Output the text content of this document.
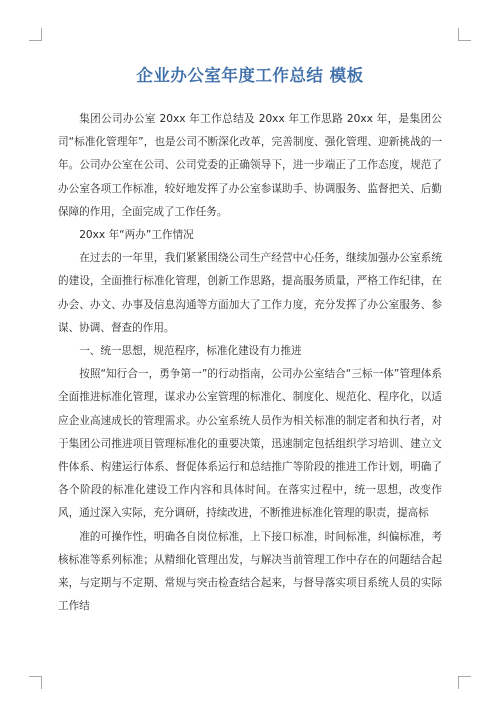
企业办公室年度工作总结 模板

集团公司办公室 20xx 年工作总结及 20xx 年工作思路 20xx 年，是集团公司“标准化管理年”，也是公司不断深化改革，完善制度、强化管理、迎新挑战的一年。公司办公室在公司、公司党委的正确领导下，进一步端正了工作态度，规范了办公室各项工作标准，较好地发挥了办公室参谋助手、协调服务、监督把关、后勤保障的作用，全面完成了工作任务。

20xx 年“两办”工作情况

在过去的一年里，我们紧紧围绕公司生产经营中心任务，继续加强办公室系统的建设，全面推行标准化管理，创新工作思路，提高服务质量，严格工作纪律，在办会、办文、办事及信息沟通等方面加大了工作力度，充分发挥了办公室服务、参谋、协调、督查的作用。

一、统一思想，规范程序，标准化建设有力推进

按照“知行合一，勇争第一”的行动指南，公司办公室结合“三标一体”管理体系全面推进标准化管理，谋求办公室管理的标准化、制度化、规范化、程序化，以适应企业高速成长的管理需求。办公室系统人员作为相关标准的制定者和执行者，对于集团公司推进项目管理标准化的重要决策，迅速制定包括组织学习培训、建立文件体系、构建运行体系、督促体系运行和总结推广等阶段的推进工作计划，明确了各个阶段的标准化建设工作内容和具体时间。在落实过程中，统一思想，改变作风，通过深入实际，充分调研，持续改进，不断推进标准化管理的职责，提高标

准的可操作性，明确各自岗位标准，上下接口标准，时间标准，纠偏标准，考核标准等系列标准；从精细化管理出发，与解决当前管理工作中存在的问题结合起来，与定期与不定期、常规与突击检查结合起来，与督导落实项目系统人员的实际工作结
